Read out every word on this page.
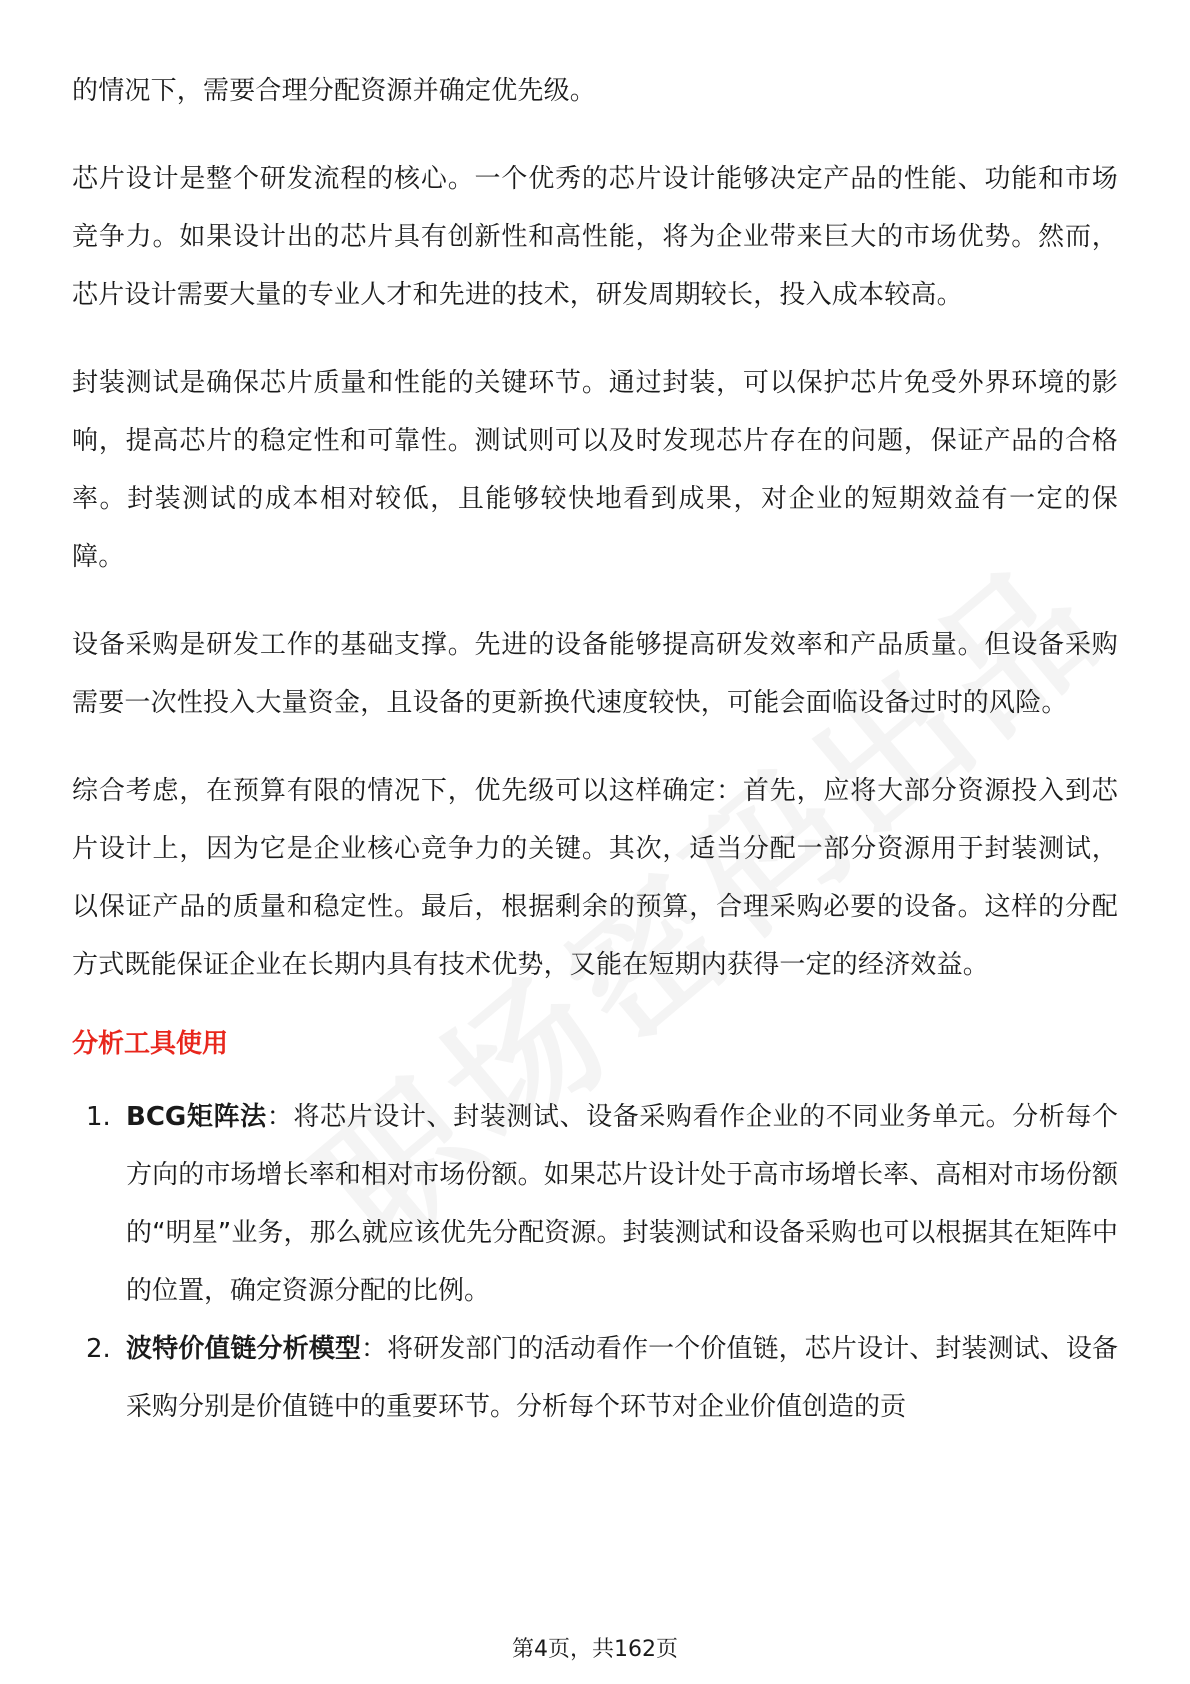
的情况下，需要合理分配资源并确定优先级。

芯片设计是整个研发流程的核心。一个优秀的芯片设计能够决定产品的性能、功能和市场竞争力。如果设计出的芯片具有创新性和高性能，将为企业带来巨大的市场优势。然而，芯片设计需要大量的专业人才和先进的技术，研发周期较长，投入成本较高。

封装测试是确保芯片质量和性能的关键环节。通过封装，可以保护芯片免受外界环境的影响，提高芯片的稳定性和可靠性。测试则可以及时发现芯片存在的问题，保证产品的合格率。封装测试的成本相对较低，且能够较快地看到成果，对企业的短期效益有一定的保障。

设备采购是研发工作的基础支撑。先进的设备能够提高研发效率和产品质量。但设备采购需要一次性投入大量资金，且设备的更新换代速度较快，可能会面临设备过时的风险。

综合考虑，在预算有限的情况下，优先级可以这样确定：首先，应将大部分资源投入到芯片设计上，因为它是企业核心竞争力的关键。其次，适当分配一部分资源用于封装测试，以保证产品的质量和稳定性。最后，根据剩余的预算，合理采购必要的设备。这样的分配方式既能保证企业在长期内具有技术优势，又能在短期内获得一定的经济效益。

分析工具使用
1. BCG矩阵法：将芯片设计、封装测试、设备采购看作企业的不同业务单元。分析每个方向的市场增长率和相对市场份额。如果芯片设计处于高市场增长率、高相对市场份额的“明星”业务，那么就应该优先分配资源。封装测试和设备采购也可以根据其在矩阵中的位置，确定资源分配的比例。
2. 波特价值链分析模型：将研发部门的活动看作一个价值链，芯片设计、封装测试、设备采购分别是价值链中的重要环节。分析每个环节对企业价值创造的贡
第4页，共162页
